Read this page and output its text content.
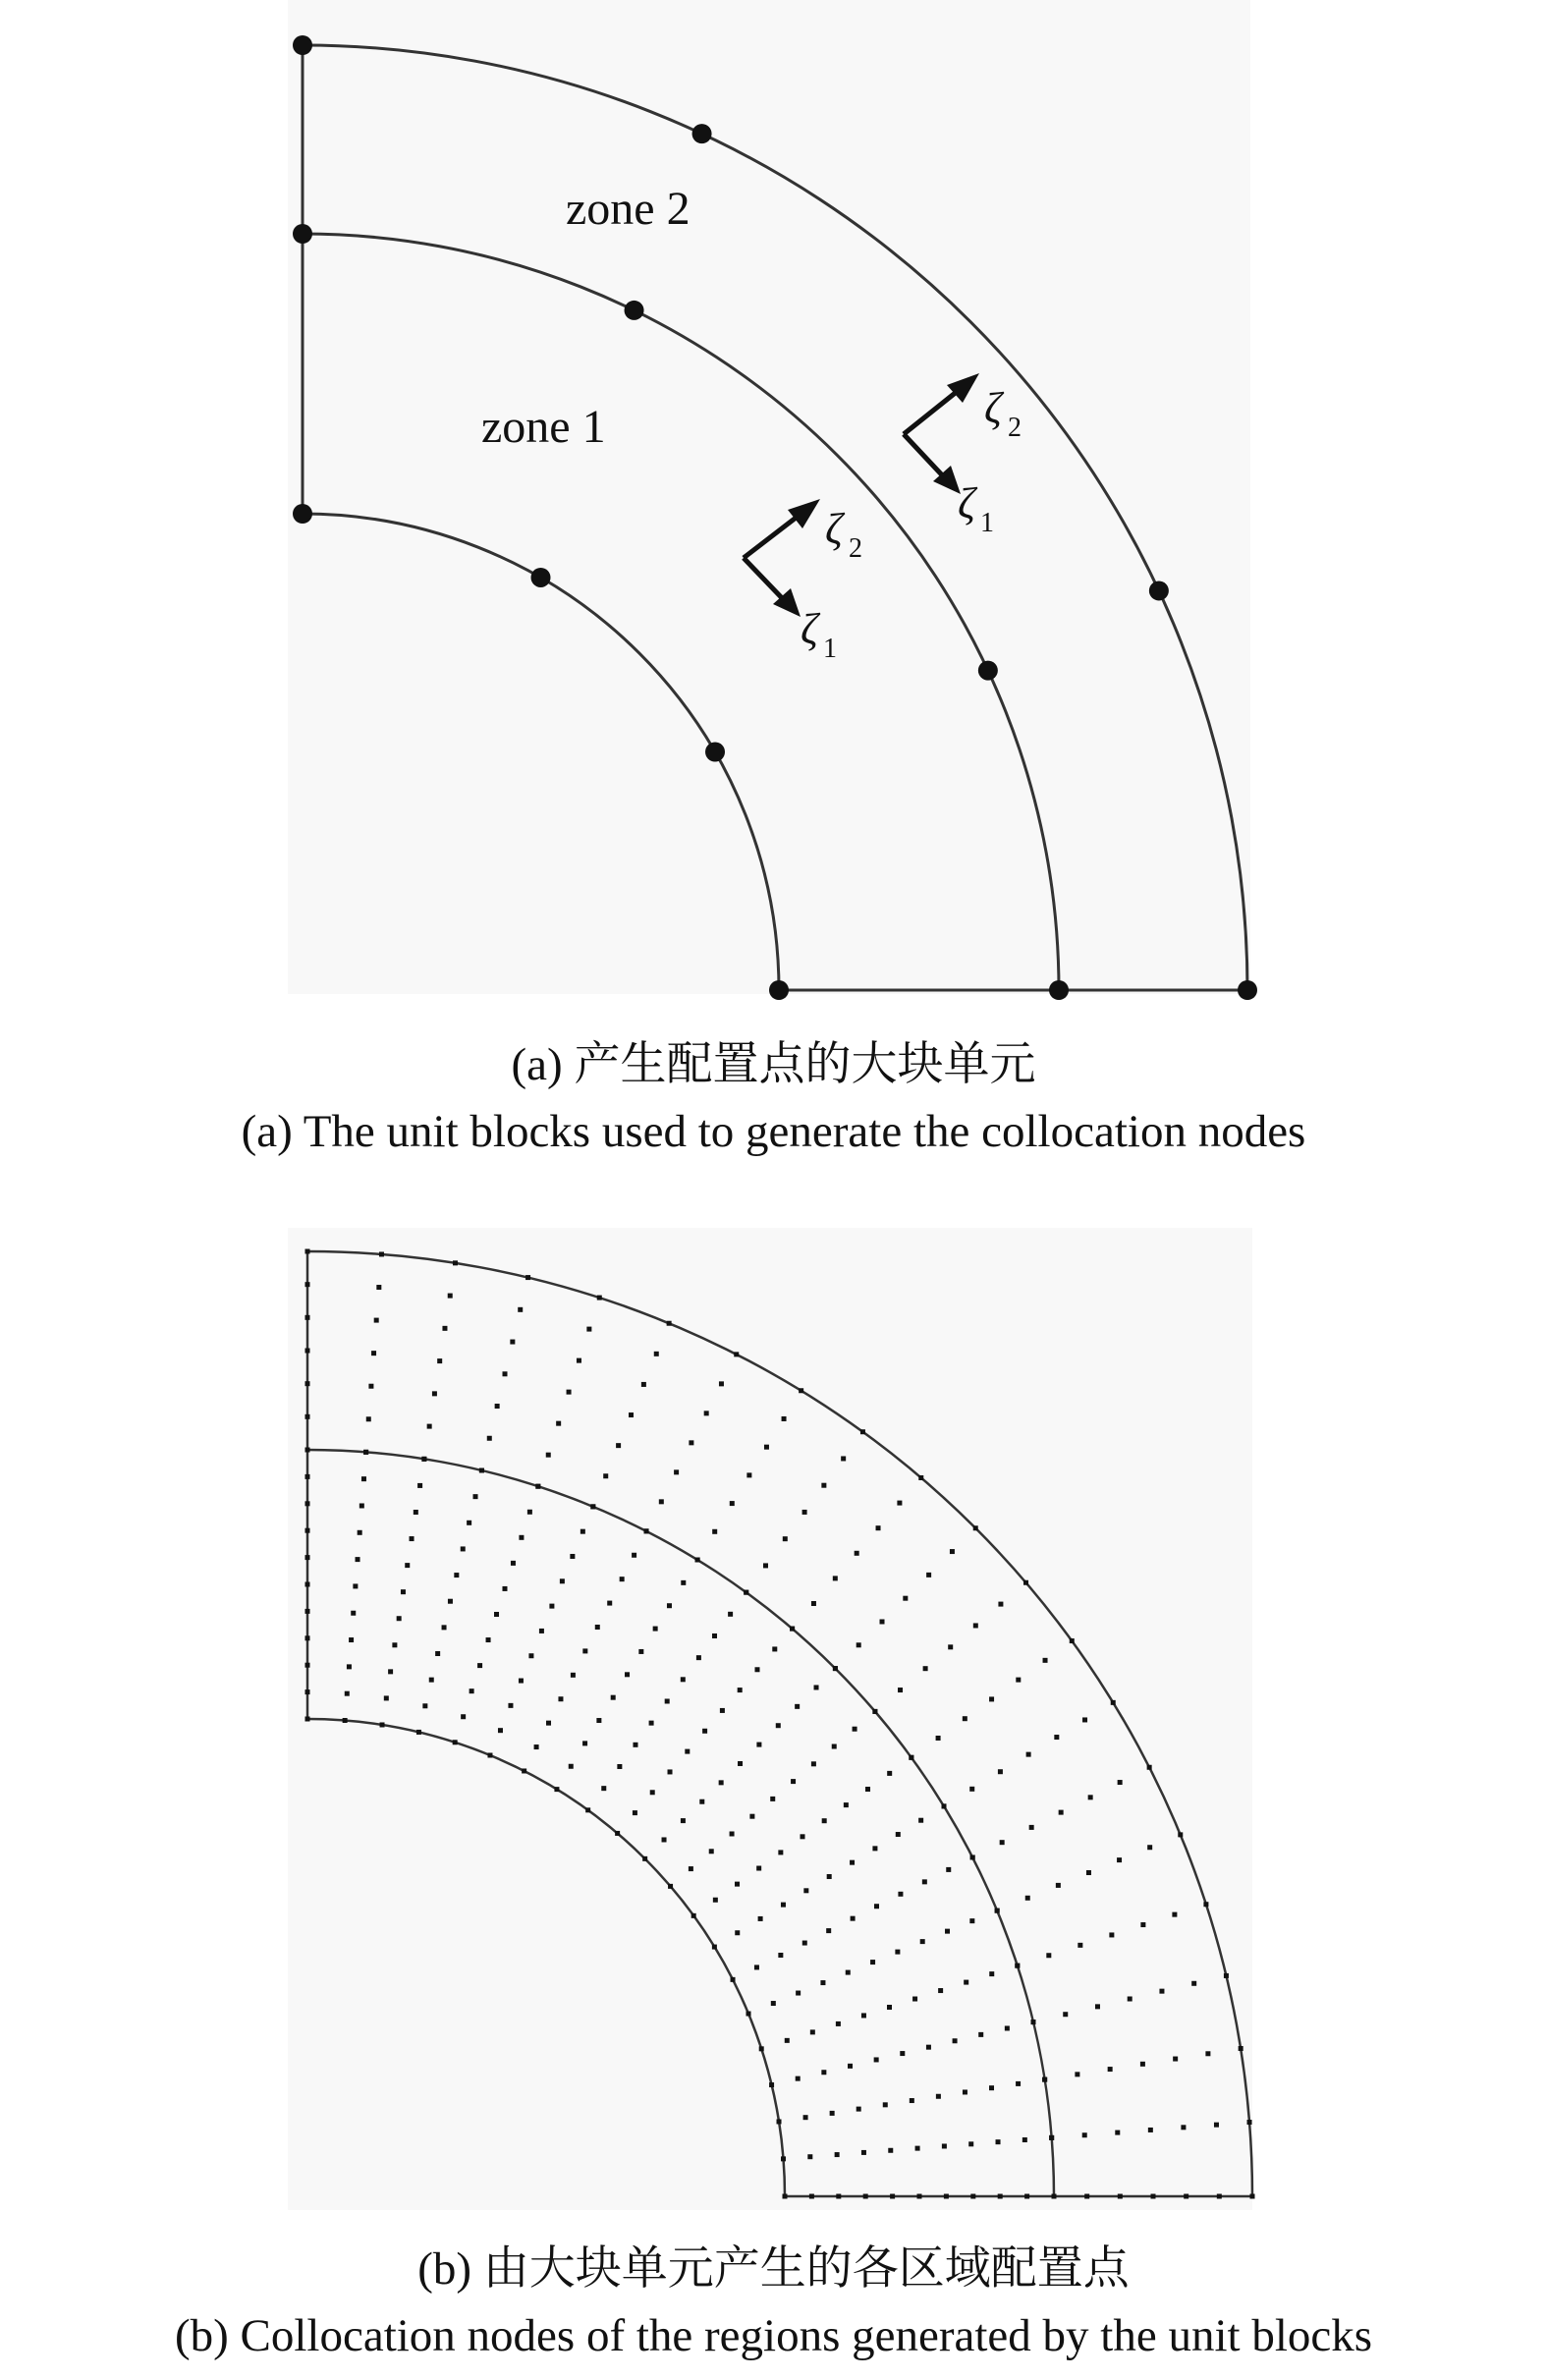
zone 2
zone 1	ζ 2
ζ 1
ζ 2
ζ 1
(a) 产生配置点的大块单元
(a) The unit blocks used to generate the collocation nodes
(b) 由大块单元产生的各区域配置点
(b) Collocation nodes of the regions generated by the unit blocks
